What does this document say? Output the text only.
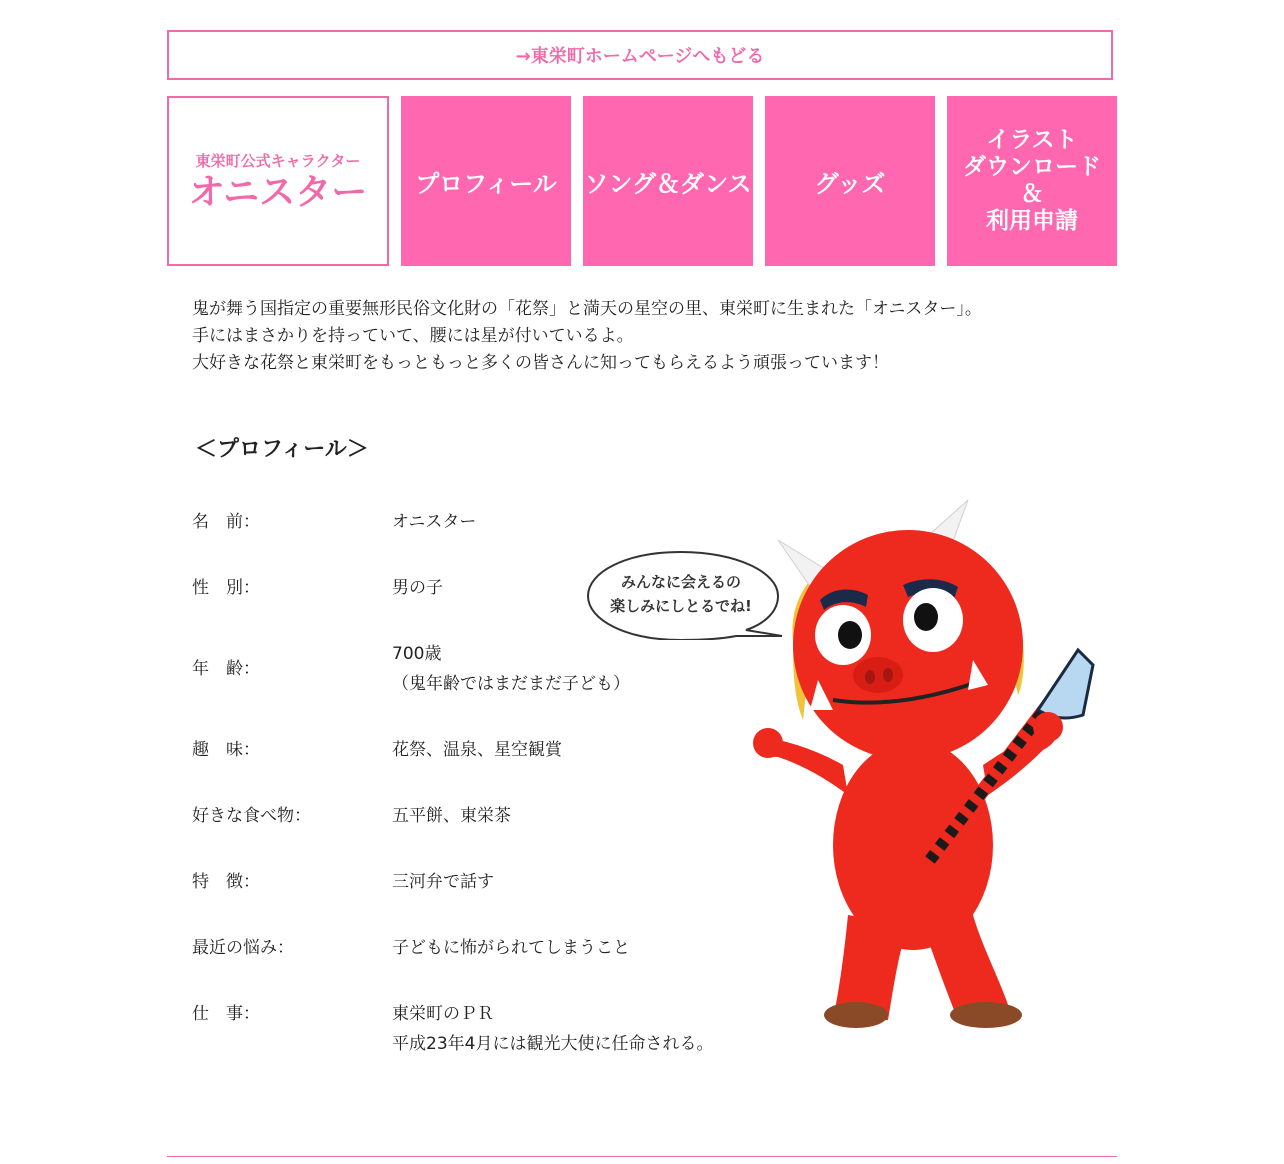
→東栄町ホームページへもどる
東栄町公式キャラクター
オニスター プロフィール ソング＆ダンス	グッズ
イラスト
ダウンロード
＆
利用申請

鬼が舞う国指定の重要無形民俗文化財の「花祭」と満天の星空の里、東栄町に生まれた「オニスター」。

手にはまさかりを持っていて、腰には星が付いているよ。

大好きな花祭と東栄町をもっともっと多くの皆さんに知ってもらえるよう頑張っています！

＜プロフィール＞
名　前：	オニスター
性　別：	男の子
年　齢：
700歳
（鬼年齢ではまだまだ子ども）
趣　味：	花祭、温泉、星空観賞
好きな食べ物：	五平餅、東栄茶
特　徴：	三河弁で話す
最近の悩み：	子どもに怖がられてしまうこと
仕　事：	東栄町のＰＲ
平成23年4月には観光大使に任命される。
みんなに会えるの
楽しみにしとるでね!
